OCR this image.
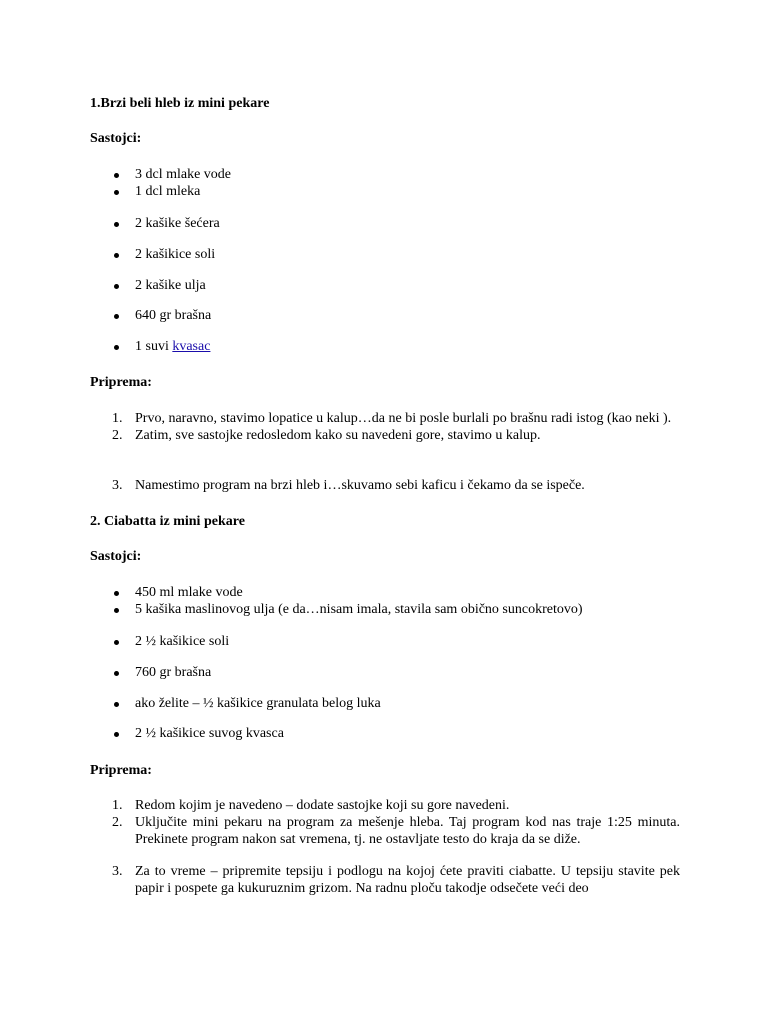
1.Brzi beli hleb iz mini pekare

Sastojci:

3 dcl mlake vode
1 dcl mleka
2 kašike šećera
2 kašikice soli
2 kašike ulja
640 gr brašna
1 suvi kvasac

Priprema:

1. Prvo, naravno, stavimo lopatice u kalup…da ne bi posle burlali po brašnu radi istog (kao neki ).
2. Zatim, sve sastojke redosledom kako su navedeni gore, stavimo u kalup.
3. Namestimo program na brzi hleb i…skuvamo sebi kaficu i čekamo da se ispeče.

2. Ciabatta iz mini pekare

Sastojci:

450 ml mlake vode
5 kašika maslinovog ulja (e da…nisam imala, stavila sam obično suncokretovo)
2 ½ kašikice soli
760 gr brašna
ako želite – ½ kašikice granulata belog luka
2 ½ kašikice suvog kvasca

Priprema:

1. Redom kojim je navedeno – dodate sastojke koji su gore navedeni.
2. Uključite mini pekaru na program za mešenje hleba. Taj program kod nas traje 1:25 minuta. Prekinete program nakon sat vremena, tj. ne ostavljate testo do kraja da se diže.
3. Za to vreme – pripremite tepsiju i podlogu na kojoj ćete praviti ciabatte. U tepsiju stavite pek papir i pospete ga kukuruznim grizom. Na radnu ploču takodje odsečete veći deo
